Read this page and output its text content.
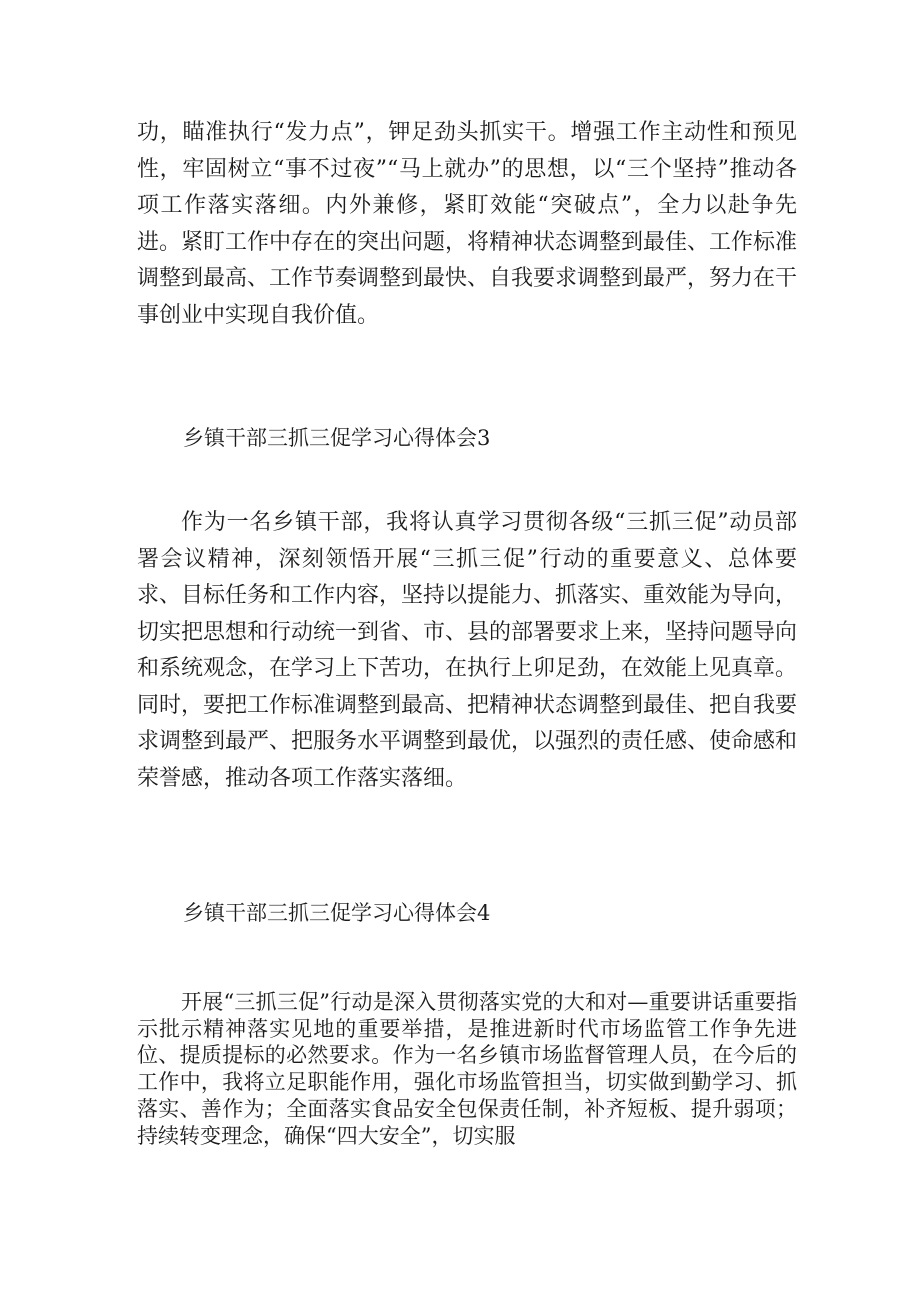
功，瞄准执行“发力点”，钾足劲头抓实干。增强工作主动性和预见性，牢固树立“事不过夜”“马上就办”的思想，以“三个坚持”推动各项工作落实落细。内外兼修，紧盯效能“突破点”，全力以赴争先进。紧盯工作中存在的突出问题，将精神状态调整到最佳、工作标准调整到最高、工作节奏调整到最快、自我要求调整到最严，努力在干事创业中实现自我价值。

乡镇干部三抓三促学习心得体会3

作为一名乡镇干部，我将认真学习贯彻各级“三抓三促”动员部署会议精神，深刻领悟开展“三抓三促”行动的重要意义、总体要求、目标任务和工作内容，坚持以提能力、抓落实、重效能为导向，切实把思想和行动统一到省、市、县的部署要求上来，坚持问题导向和系统观念，在学习上下苦功，在执行上卯足劲，在效能上见真章。同时，要把工作标准调整到最高、把精神状态调整到最佳、把自我要求调整到最严、把服务水平调整到最优，以强烈的责任感、使命感和荣誉感，推动各项工作落实落细。

乡镇干部三抓三促学习心得体会4

开展“三抓三促”行动是深入贯彻落实党的大和对—重要讲话重要指示批示精神落实见地的重要举措，是推进新时代市场监管工作争先进位、提质提标的必然要求。作为一名乡镇市场监督管理人员，在今后的工作中，我将立足职能作用，强化市场监管担当，切实做到勤学习、抓落实、善作为；全面落实食品安全包保责任制，补齐短板、提升弱项；持续转变理念，确保“四大安全”，切实服
